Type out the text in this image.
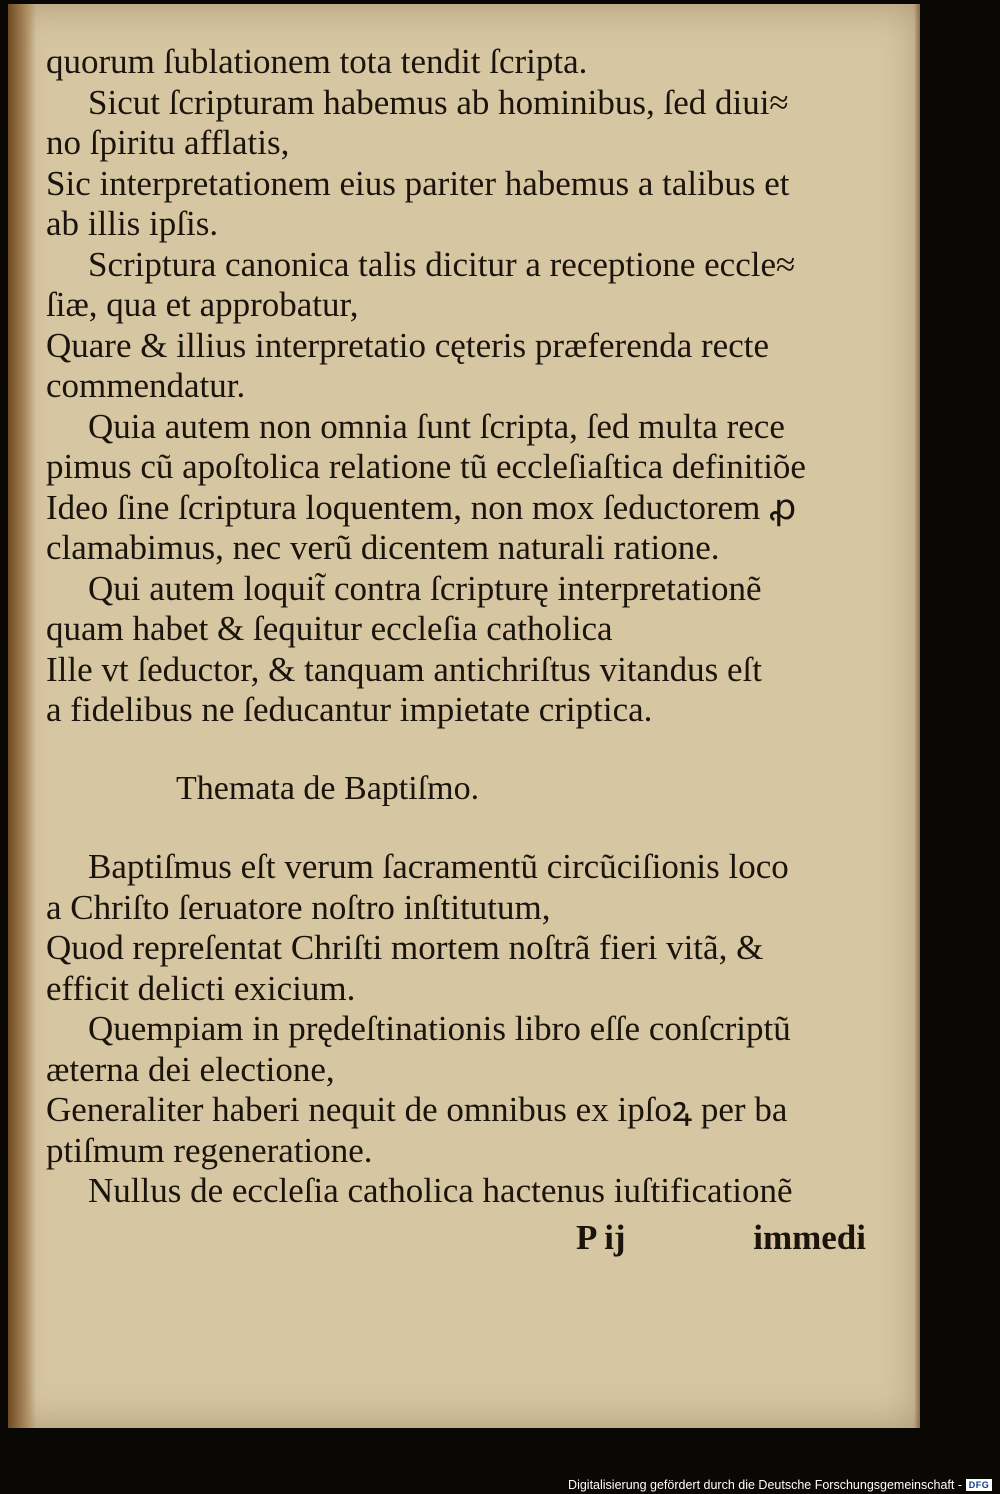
quorum ſublationem tota tendit ſcripta.
Sicut ſcripturam habemus ab hominibus, ſed diui≈
no ſpiritu afflatis,
Sic interpretationem eius pariter habemus a talibus et
ab illis ipſis.
Scriptura canonica talis dicitur a receptione eccle≈
ſiæ, qua et approbatur,
Quare & illius interpretatio cęteris præferenda recte
commendatur.
Quia autem non omnia ſunt ſcripta, ſed multa rece
pimus cũ apoſtolica relatione tũ eccleſiaſtica definitiõe
Ideo ſine ſcriptura loquentem, non mox ſeductorem ꝓ
clamabimus, nec verũ dicentem naturali ratione.
Qui autem loquit̃ contra ſcripturę interpretationẽ
quam habet & ſequitur eccleſia catholica
Ille vt ſeductor, & tanquam antichriſtus vitandus eſt
a fidelibus ne ſeducantur impietate criptica.
Themata de Baptiſmo.
Baptiſmus eſt verum ſacramentũ circũciſionis loco
a Chriſto ſeruatore noſtro inſtitutum,
Quod repreſentat Chriſti mortem noſtrã fieri vitã, &
efficit delicti exicium.
Quempiam in prędeſtinationis libro eſſe conſcriptũ
æterna dei electione,
Generaliter haberi nequit de omnibus ex ipſoꝝ per ba
ptiſmum regeneratione.
Nullus de eccleſia catholica hactenus iuſtificationẽ
P ij	immedi
Digitalisierung gefördert durch die Deutsche Forschungsgemeinschaft - DFG
